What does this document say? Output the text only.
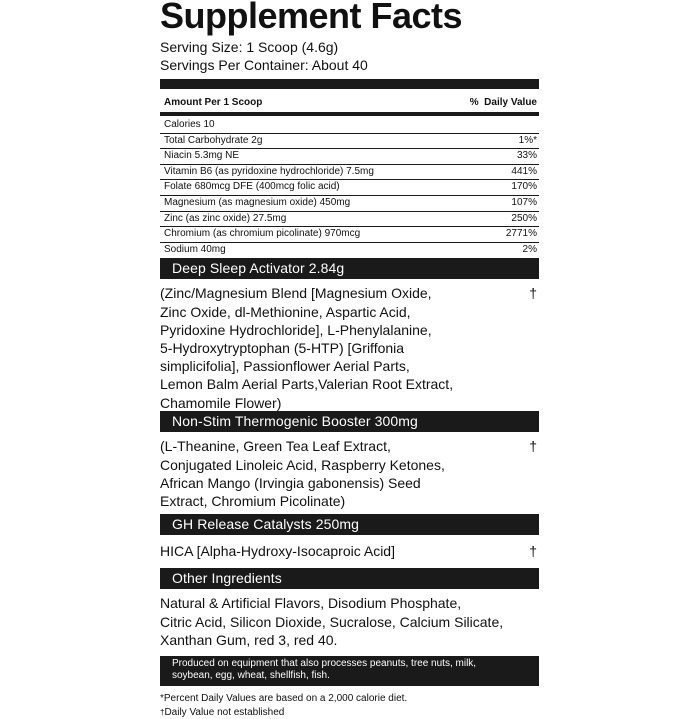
Supplement Facts
Serving Size: 1 Scoop (4.6g)
Servings Per Container: About 40
Amount Per 1 Scoop	%  Daily Value
Calories 10
Total Carbohydrate 2g	1%*
Niacin 5.3mg NE	33%
Vitamin B6 (as pyridoxine hydrochloride) 7.5mg	441%
Folate 680mcg DFE (400mcg folic acid)	170%
Magnesium (as magnesium oxide) 450mg	107%
Zinc (as zinc oxide) 27.5mg	250%
Chromium (as chromium picolinate) 970mcg	2771%
Sodium 40mg	2%
Deep Sleep Activator 2.84g
(Zinc/Magnesium Blend [Magnesium Oxide,
Zinc Oxide, dl-Methionine, Aspartic Acid,
Pyridoxine Hydrochloride], L-Phenylalanine,
5-Hydroxytryptophan (5-HTP) [Griffonia
simplicifolia], Passionflower Aerial Parts,
Lemon Balm Aerial Parts,Valerian Root Extract,
Chamomile Flower)
†
Non-Stim Thermogenic Booster 300mg
(L-Theanine, Green Tea Leaf Extract,
Conjugated Linoleic Acid, Raspberry Ketones,
African Mango (Irvingia gabonensis) Seed
Extract, Chromium Picolinate)
†
GH Release Catalysts 250mg
HICA [Alpha-Hydroxy-Isocaproic Acid]	†
Other Ingredients
Natural & Artificial Flavors, Disodium Phosphate,
Citric Acid, Silicon Dioxide, Sucralose, Calcium Silicate,
Xanthan Gum, red 3, red 40.
Produced on equipment that also processes peanuts, tree nuts, milk,
soybean, egg, wheat, shellfish, fish.
*Percent Daily Values are based on a 2,000 calorie diet.
†Daily Value not established
